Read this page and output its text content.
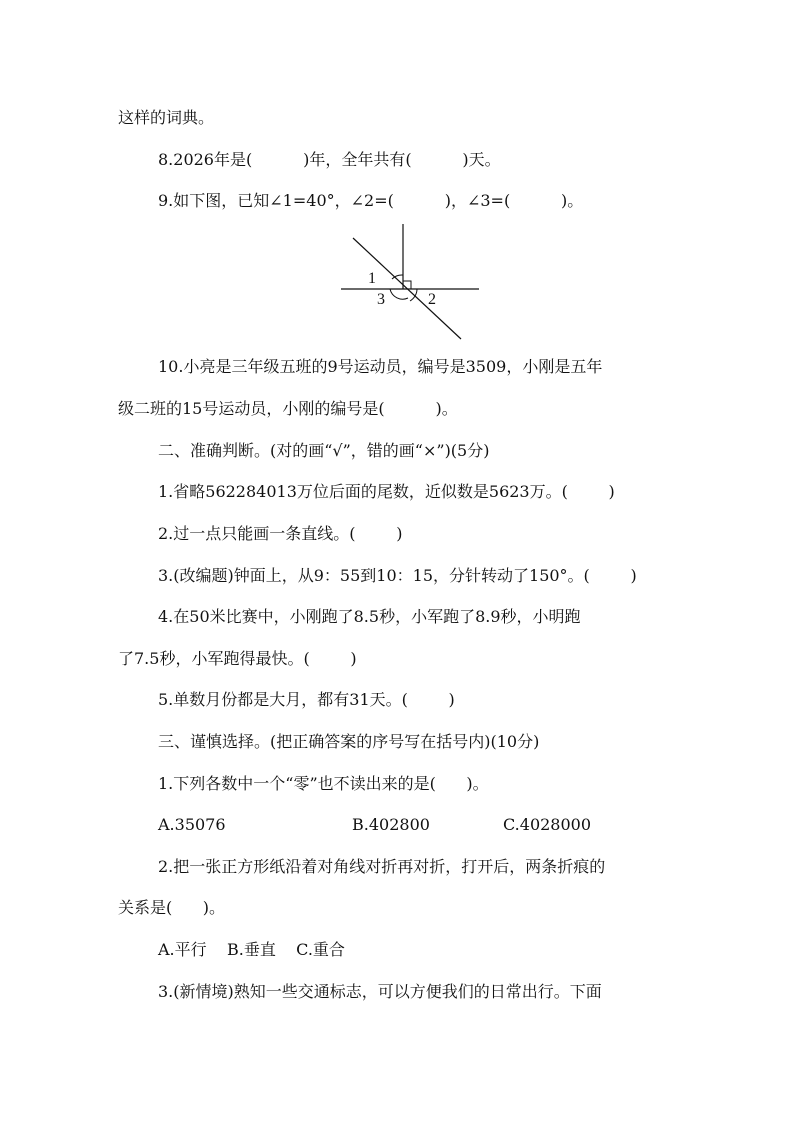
这样的词典。
8.2026年是(          )年，全年共有(          )天。
9.如下图，已知∠1=40°，∠2=(          )，∠3=(          )。
1
3	2
10.小亮是三年级五班的9号运动员，编号是3509，小刚是五年
级二班的15号运动员，小刚的编号是(          )。
二、准确判断。(对的画“√”，错的画“×”)(5分)
1.省略562284013万位后面的尾数，近似数是5623万。(        )
2.过一点只能画一条直线。(        )
3.(改编题)钟面上，从9：55到10：15，分针转动了150°。(        )
4.在50米比赛中，小刚跑了8.5秒，小军跑了8.9秒，小明跑
了7.5秒，小军跑得最快。(        )
5.单数月份都是大月，都有31天。(        )
三、谨慎选择。(把正确答案的序号写在括号内)(10分)
1.下列各数中一个“零”也不读出来的是(      )。
A.35076	B.402800	C.4028000
2.把一张正方形纸沿着对角线对折再对折，打开后，两条折痕的
关系是(      )。
A.平行    B.垂直    C.重合
3.(新情境)熟知一些交通标志，可以方便我们的日常出行。下面
